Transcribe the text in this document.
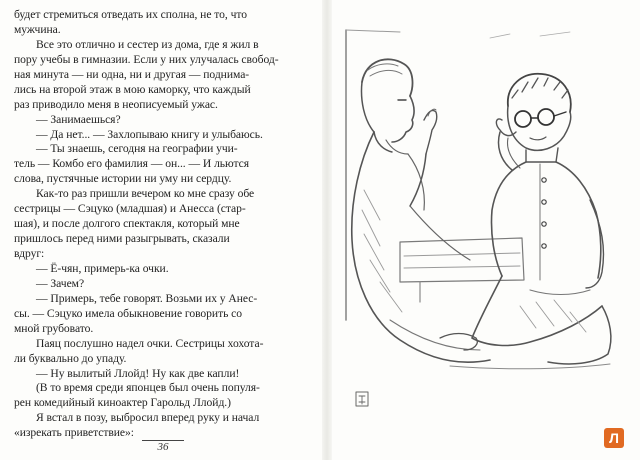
будет стремиться отведать их сполна, не то, что
мужчина.
Все это отлично и сестер из дома, где я жил в
пору учебы в гимназии. Если у них улучалась свобод-
ная минута — ни одна, ни и другая — поднима-
лись на второй этаж в мою каморку, что каждый
раз приводило меня в неописуемый ужас.
— Занимаешься?
— Да нет... — Захлопываю книгу и улыбаюсь.
— Ты знаешь, сегодня на географии учи-
тель — Комбо его фамилия — он... — И льются
слова, пустячные истории ни уму ни сердцу.
Как-то раз пришли вечером ко мне сразу обе
сестрицы — Сэцуко (младшая) и Анесса (стар-
шая), и после долгого спектакля, который мне
пришлось перед ними разыгрывать, сказали
вдруг:
— Ё-чян, примерь-ка очки.
— Зачем?
— Примерь, тебе говорят. Возьми их у Анес-
сы. — Сэцуко имела обыкновение говорить со
мной грубовато.
Паяц послушно надел очки. Сестрицы хохота-
ли буквально до упаду.
— Ну вылитый Ллойд! Ну как две капли!
(В то время среди японцев был очень популя-
рен комедийный киноактер Гарольд Ллойд.)
Я встал в позу, выбросил вперед руку и начал
«изрекать приветствие»:
36
Л
